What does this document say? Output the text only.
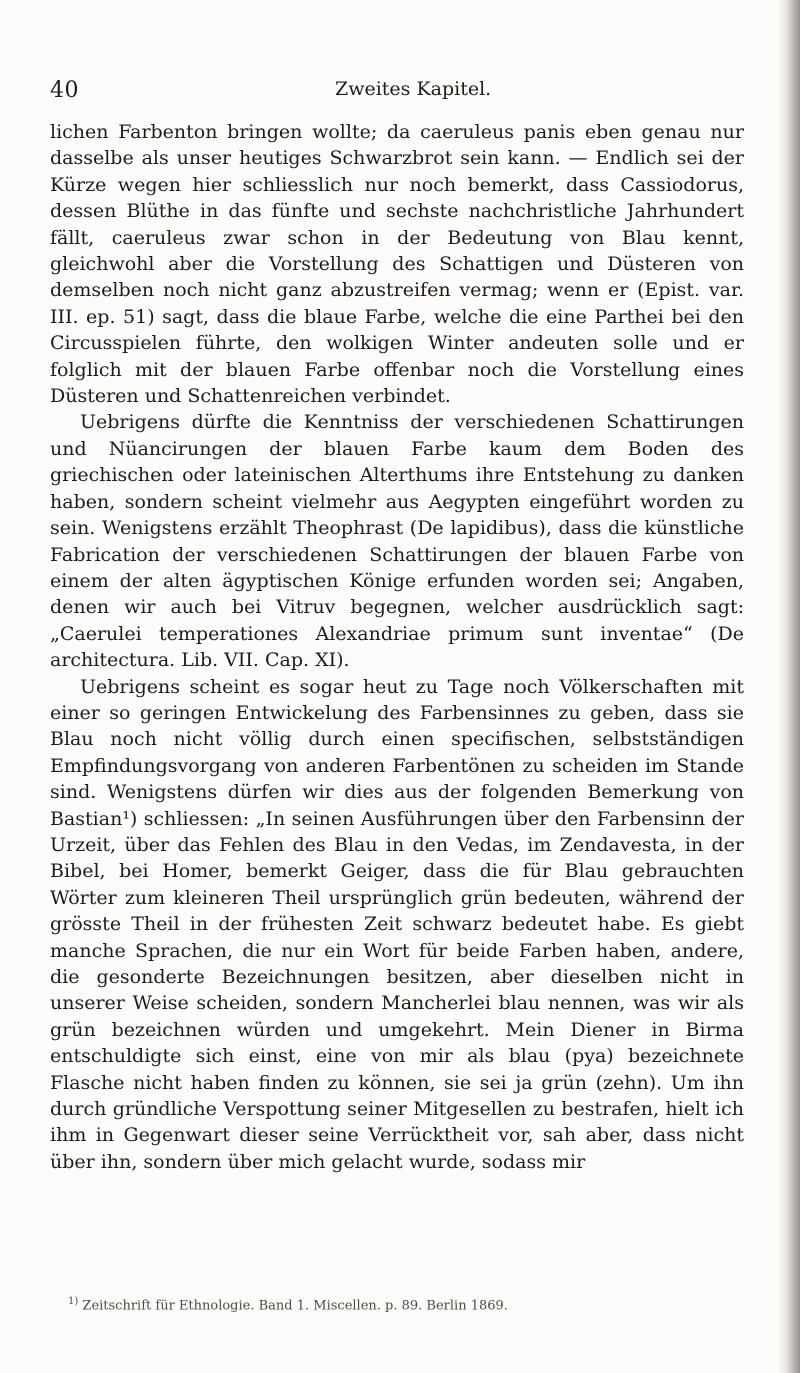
40	Zweites Kapitel.

lichen Farbenton bringen wollte; da caeruleus panis eben genau nur dasselbe als unser heutiges Schwarzbrot sein kann. — Endlich sei der Kürze wegen hier schliesslich nur noch bemerkt, dass Cassiodorus, dessen Blüthe in das fünfte und sechste nachchristliche Jahrhundert fällt, caeruleus zwar schon in der Bedeutung von Blau kennt, gleichwohl aber die Vorstellung des Schattigen und Düsteren von demselben noch nicht ganz abzustreifen vermag; wenn er (Epist. var. III. ep. 51) sagt, dass die blaue Farbe, welche die eine Parthei bei den Circusspielen führte, den wolkigen Winter andeuten solle und er folglich mit der blauen Farbe offenbar noch die Vorstellung eines Düsteren und Schattenreichen verbindet.

Uebrigens dürfte die Kenntniss der verschiedenen Schattirungen und Nüancirungen der blauen Farbe kaum dem Boden des griechischen oder lateinischen Alterthums ihre Entstehung zu danken haben, sondern scheint vielmehr aus Aegypten eingeführt worden zu sein. Wenigstens erzählt Theophrast (De lapidibus), dass die künstliche Fabrication der verschiedenen Schattirungen der blauen Farbe von einem der alten ägyptischen Könige erfunden worden sei; Angaben, denen wir auch bei Vitruv begegnen, welcher ausdrücklich sagt: „Caerulei temperationes Alexandriae primum sunt inventae“ (De architectura. Lib. VII. Cap. XI).

Uebrigens scheint es sogar heut zu Tage noch Völkerschaften mit einer so geringen Entwickelung des Farbensinnes zu geben, dass sie Blau noch nicht völlig durch einen specifischen, selbstständigen Empfindungsvorgang von anderen Farbentönen zu scheiden im Stande sind. Wenigstens dürfen wir dies aus der folgenden Bemerkung von Bastian¹) schliessen: „In seinen Ausführungen über den Farbensinn der Urzeit, über das Fehlen des Blau in den Vedas, im Zendavesta, in der Bibel, bei Homer, bemerkt Geiger, dass die für Blau gebrauchten Wörter zum kleineren Theil ursprünglich grün bedeuten, während der grösste Theil in der frühesten Zeit schwarz bedeutet habe. Es giebt manche Sprachen, die nur ein Wort für beide Farben haben, andere, die gesonderte Bezeichnungen besitzen, aber dieselben nicht in unserer Weise scheiden, sondern Mancherlei blau nennen, was wir als grün bezeichnen würden und umgekehrt. Mein Diener in Birma entschuldigte sich einst, eine von mir als blau (pya) bezeichnete Flasche nicht haben finden zu können, sie sei ja grün (zehn). Um ihn durch gründliche Verspottung seiner Mitgesellen zu bestrafen, hielt ich ihm in Gegenwart dieser seine Verrücktheit vor, sah aber, dass nicht über ihn, sondern über mich gelacht wurde, sodass mir

$^{1)}$ Zeitschrift für Ethnologie. Band 1. Miscellen. p. 89. Berlin 1869.
